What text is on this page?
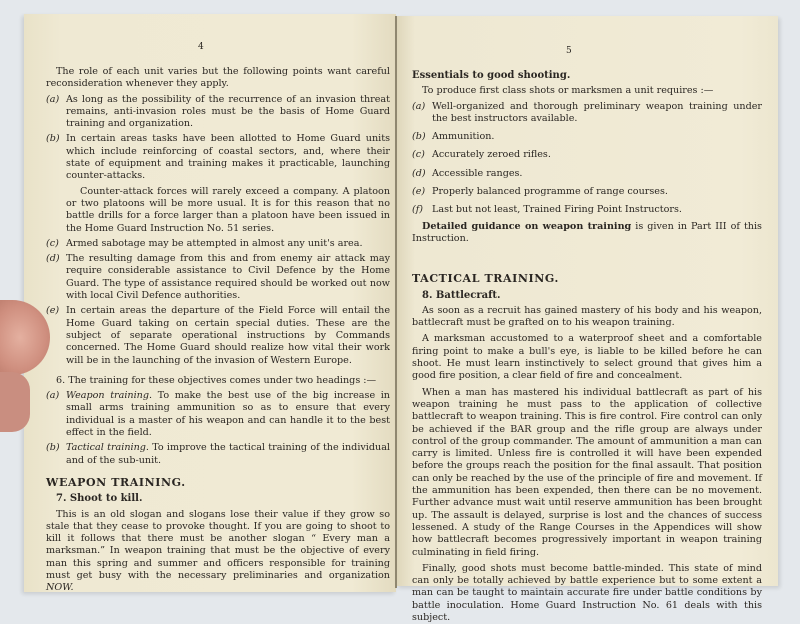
4

The role of each unit varies but the following points want careful reconsideration whenever they apply.

(a) As long as the possibility of the recurrence of an invasion threat remains, anti-invasion roles must be the basis of Home Guard training and organization.

(b) In certain areas tasks have been allotted to Home Guard units which include reinforcing of coastal sectors, and, where their state of equipment and training makes it practicable, launching counter-attacks.

Counter-attack forces will rarely exceed a company. A platoon or two platoons will be more usual. It is for this reason that no battle drills for a force larger than a platoon have been issued in the Home Guard Instruction No. 51 series.

(c) Armed sabotage may be attempted in almost any unit's area.

(d) The resulting damage from this and from enemy air attack may require considerable assistance to Civil Defence by the Home Guard. The type of assistance required should be worked out now with local Civil Defence authorities.

(e) In certain areas the departure of the Field Force will entail the Home Guard taking on certain special duties. These are the subject of separate operational instructions by Commands concerned. The Home Guard should realize how vital their work will be in the launching of the invasion of Western Europe.

6. The training for these objectives comes under two headings :—

(a) Weapon training. To make the best use of the big increase in small arms training ammunition so as to ensure that every individual is a master of his weapon and can handle it to the best effect in the field.

(b) Tactical training. To improve the tactical training of the individual and of the sub-unit.

WEAPON TRAINING.
7. Shoot to kill.

This is an old slogan and slogans lose their value if they grow so stale that they cease to provoke thought. If you are going to shoot to kill it follows that there must be another slogan “ Every man a marksman.” In weapon training that must be the objective of every man this spring and summer and officers responsible for training must get busy with the necessary preliminaries and organization NOW.

5
Essentials to good shooting.

To produce first class shots or marksmen a unit requires :—

(a) Well-organized and thorough preliminary weapon training under the best instructors available.

(b) Ammunition.

(c) Accurately zeroed rifles.

(d) Accessible ranges.

(e) Properly balanced programme of range courses.

(f) Last but not least, Trained Firing Point Instructors.

Detailed guidance on weapon training is given in Part III of this Instruction.

TACTICAL TRAINING.
8. Battlecraft.

As soon as a recruit has gained mastery of his body and his weapon, battlecraft must be grafted on to his weapon training.

A marksman accustomed to a waterproof sheet and a comfortable firing point to make a bull's eye, is liable to be killed before he can shoot. He must learn instinctively to select ground that gives him a good fire position, a clear field of fire and concealment.

When a man has mastered his individual battlecraft as part of his weapon training he must pass to the application of collective battlecraft to weapon training. This is fire control. Fire control can only be achieved if the BAR group and the rifle group are always under control of the group commander. The amount of ammunition a man can carry is limited. Unless fire is controlled it will have been expended before the groups reach the position for the final assault. That position can only be reached by the use of the principle of fire and movement. If the ammunition has been expended, then there can be no movement. Further advance must wait until reserve ammunition has been brought up. The assault is delayed, surprise is lost and the chances of success lessened. A study of the Range Courses in the Appendices will show how battlecraft becomes progressively important in weapon training culminating in field firing.

Finally, good shots must become battle-minded. This state of mind can only be totally achieved by battle experience but to some extent a man can be taught to maintain accurate fire under battle conditions by battle inoculation. Home Guard Instruction No. 61 deals with this subject.
